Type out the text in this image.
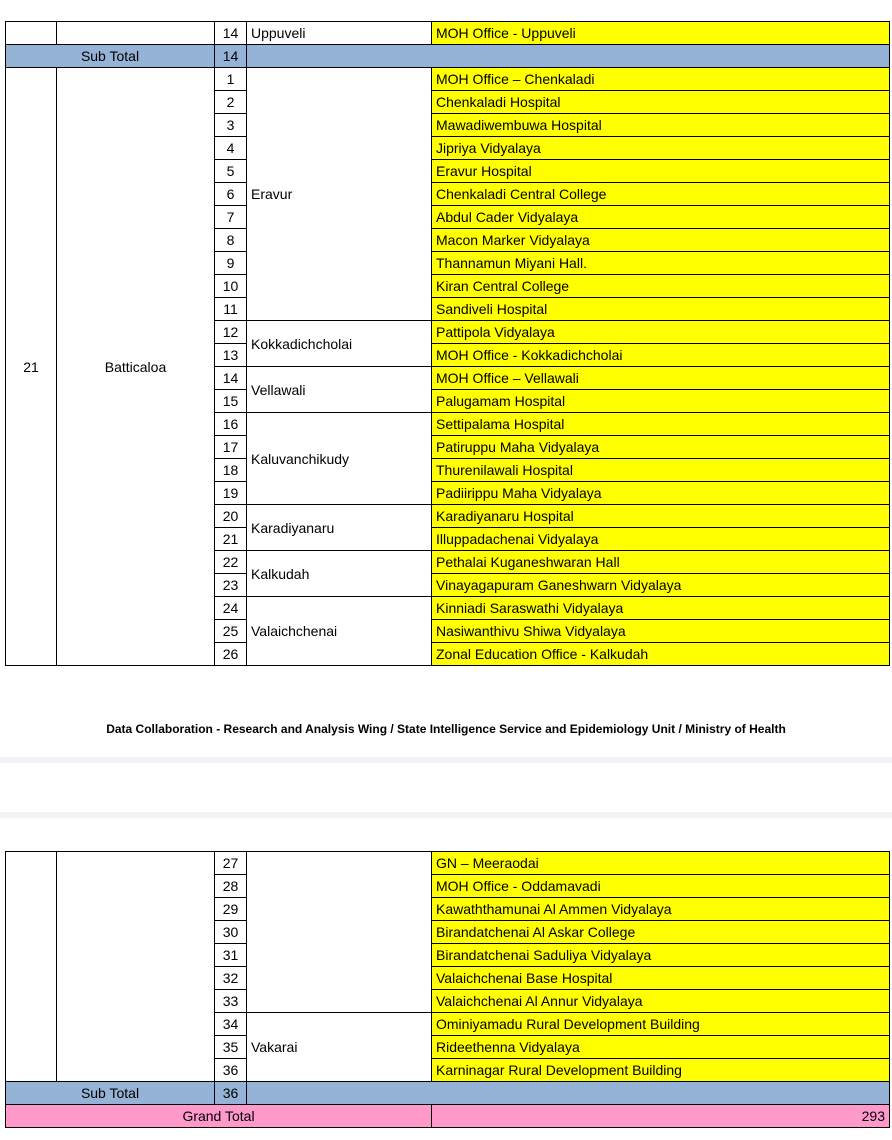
		14	Uppuveli	MOH Office - Uppuveli
Sub Total		14		
21	Batticaloa	1	Eravur	MOH Office – Chenkaladi
		2		Chenkaladi Hospital
		3		Mawadiwembuwa Hospital
		4		Jipriya Vidyalaya
		5		Eravur Hospital
		6		Chenkaladi Central College
		7		Abdul Cader Vidyalaya
		8		Macon Marker Vidyalaya
		9		Thannamun Miyani Hall.
		10		Kiran Central College
		11		Sandiveli Hospital
		12	Kokkadichcholai	Pattipola Vidyalaya
		13		MOH Office - Kokkadichcholai
		14	Vellawali	MOH Office – Vellawali
		15		Palugamam Hospital
		16	Kaluvanchikudy	Settipalama Hospital
		17		Patiruppu Maha Vidyalaya
		18		Thurenilawali Hospital
		19		Padiirippu Maha Vidyalaya
		20	Karadiyanaru	Karadiyanaru Hospital
		21		Illuppadachenai Vidyalaya
		22	Kalkudah	Pethalai Kuganeshwaran Hall
		23		Vinayagapuram Ganeshwarn Vidyalaya
		24	Valaichchenai	Kinniadi Saraswathi Vidyalaya
		25		Nasiwanthivu Shiwa Vidyalaya
		26		Zonal Education Office - Kalkudah
Data Collaboration - Research and Analysis Wing / State Intelligence Service and Epidemiology Unit / Ministry of Health
		27		GN – Meeraodai
		28		MOH Office - Oddamavadi
		29		Kawaththamunai Al Ammen Vidyalaya
		30		Birandatchenai Al Askar College
		31		Birandatchenai Saduliya Vidyalaya
		32		Valaichchenai Base Hospital
		33		Valaichchenai Al Annur Vidyalaya
		34	Vakarai	Ominiyamadu Rural Development Building
		35		Rideethenna Vidyalaya
		36		Karninagar Rural Development Building
Sub Total		36		
Grand Total				293
